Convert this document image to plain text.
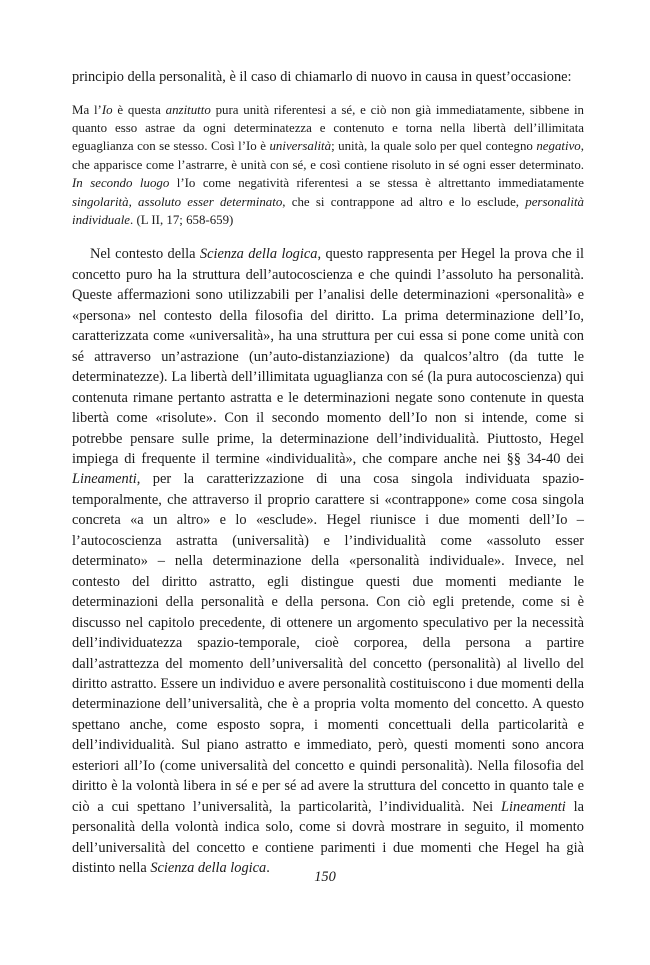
principio della personalità, è il caso di chiamarlo di nuovo in causa in quest’occasione:

Ma l’Io è questa anzitutto pura unità riferentesi a sé, e ciò non già immediatamente, sibbene in quanto esso astrae da ogni determinatezza e contenuto e torna nella libertà dell’illimitata eguaglianza con se stesso. Così l’Io è universalità; unità, la quale solo per quel contegno negativo, che apparisce come l’astrarre, è unità con sé, e così contiene risoluto in sé ogni esser determinato. In secondo luogo l’Io come negatività riferentesi a se stessa è altrettanto immediatamente singolarità, assoluto esser determinato, che si contrappone ad altro e lo esclude, personalità individuale. (L II, 17; 658-659)

Nel contesto della Scienza della logica, questo rappresenta per Hegel la prova che il concetto puro ha la struttura dell’autocoscienza e che quindi l’assoluto ha personalità. Queste affermazioni sono utilizzabili per l’analisi delle determinazioni «personalità» e «persona» nel contesto della filosofia del diritto. La prima determinazione dell’Io, caratterizzata come «universalità», ha una struttura per cui essa si pone come unità con sé attraverso un’astrazione (un’auto-distanziazione) da qualcos’altro (da tutte le determinatezze). La libertà dell’illimitata uguaglianza con sé (la pura autocoscienza) qui contenuta rimane pertanto astratta e le determinazioni negate sono contenute in questa libertà come «risolute». Con il secondo momento dell’Io non si intende, come si potrebbe pensare sulle prime, la determinazione dell’individualità. Piuttosto, Hegel impiega di frequente il termine «individualità», che compare anche nei §§ 34-40 dei Lineamenti, per la caratterizzazione di una cosa singola individuata spazio-temporalmente, che attraverso il proprio carattere si «contrappone» come cosa singola concreta «a un altro» e lo «esclude». Hegel riunisce i due momenti dell’Io – l’autocoscienza astratta (universalità) e l’individualità come «assoluto esser determinato» – nella determinazione della «personalità individuale». Invece, nel contesto del diritto astratto, egli distingue questi due momenti mediante le determinazioni della personalità e della persona. Con ciò egli pretende, come si è discusso nel capitolo precedente, di ottenere un argomento speculativo per la necessità dell’individuatezza spazio-temporale, cioè corporea, della persona a partire dall’astrattezza del momento dell’universalità del concetto (personalità) al livello del diritto astratto. Essere un individuo e avere personalità costituiscono i due momenti della determinazione dell’universalità, che è a propria volta momento del concetto. A questo spettano anche, come esposto sopra, i momenti concettuali della particolarità e dell’individualità. Sul piano astratto e immediato, però, questi momenti sono ancora esteriori all’Io (come universalità del concetto e quindi personalità). Nella filosofia del diritto è la volontà libera in sé e per sé ad avere la struttura del concetto in quanto tale e ciò a cui spettano l’universalità, la particolarità, l’individualità. Nei Lineamenti la personalità della volontà indica solo, come si dovrà mostrare in seguito, il momento dell’universalità del concetto e contiene parimenti i due momenti che Hegel ha già distinto nella Scienza della logica.

150
